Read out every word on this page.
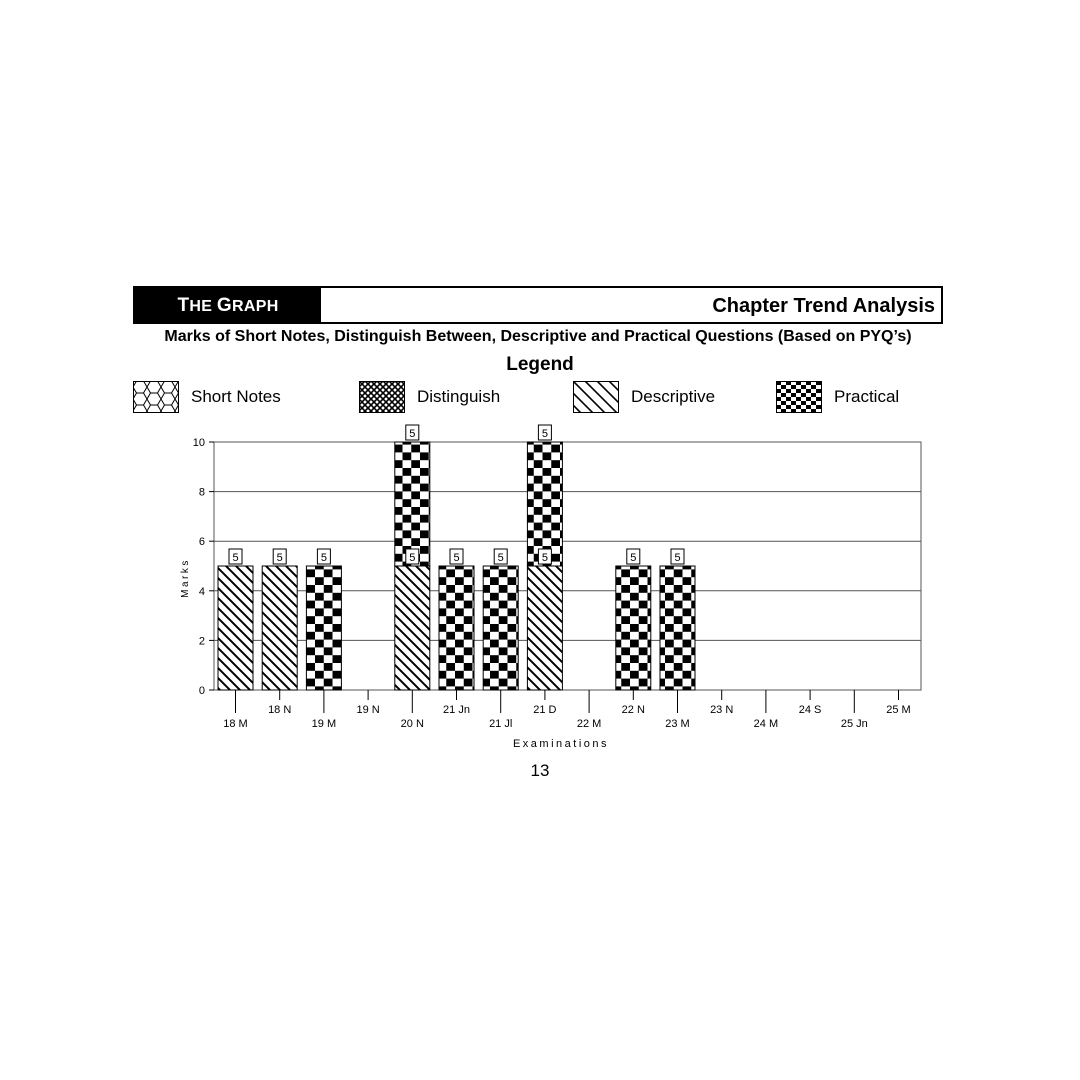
THE GRAPH	Chapter Trend Analysis
Marks of Short Notes, Distinguish Between, Descriptive and Practical Questions (Based on PYQ’s)
Legend
Short Notes	Distinguish	Descriptive	Practical
5	5	5	5
5
5	5	5
5
5	5
0
2
4
6
8
10
18 M
18 N
19 M
19 N
20 N
21 Jn
21 Jl
21 D
22 M
22 N
23 M
23 N
24 M
24 S
25 Jn
25 M
Marks
Examinations
13
